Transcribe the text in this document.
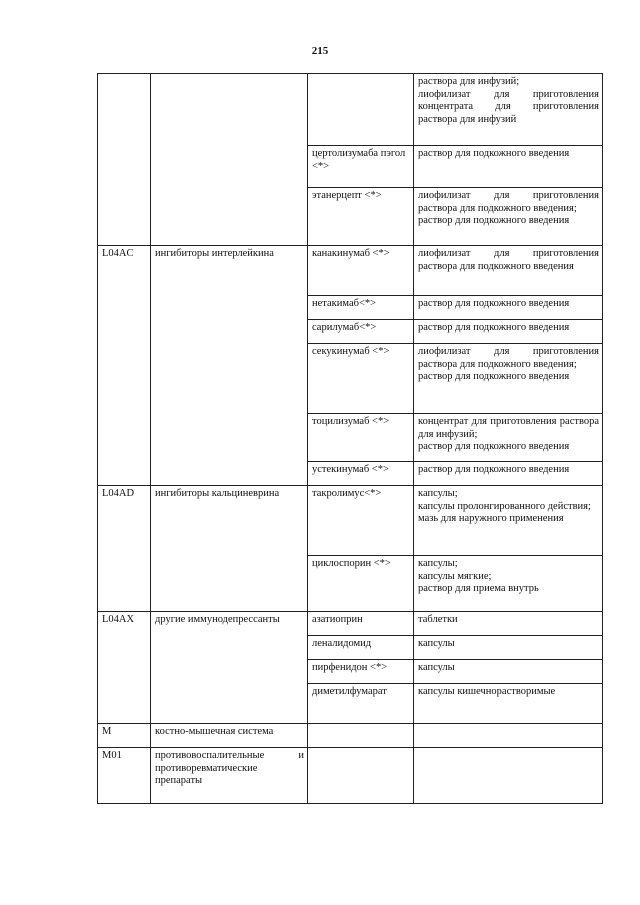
215

			раствора для инфузий;
лиофилизат для приготовления концентрата для приготовления раствора для инфузий

		цертолизумаба пэгол <*>	раствор для подкожного введения

		этанерцепт <*>	лиофилизат для приготовления раствора для подкожного введения;
раствор для подкожного введения

L04AC	ингибиторы интерлейкина	канакинумаб <*>	лиофилизат для приготовления раствора для подкожного введения

		нетакимаб<*>	раствор для подкожного введения

		сарилумаб<*>	раствор для подкожного введения

		секукинумаб <*>	лиофилизат для приготовления раствора для подкожного введения;
раствор для подкожного введения

		тоцилизумаб <*>	концентрат для приготовления раствора для инфузий;
раствор для подкожного введения

		устекинумаб <*>	раствор для подкожного введения

L04AD	ингибиторы кальциневрина	такролимус<*>	капсулы;
капсулы пролонгированного действия;
мазь для наружного применения

		циклоспорин <*>	капсулы;
капсулы мягкие;
раствор для приема внутрь

L04AX	другие иммунодепрессанты	азатиоприн	таблетки

		леналидомид	капсулы

		пирфенидон <*>	капсулы

		диметилфумарат	капсулы кишечнорастворимые

M	костно-мышечная система		
M01	противовоспалительные и противоревматические препараты		
